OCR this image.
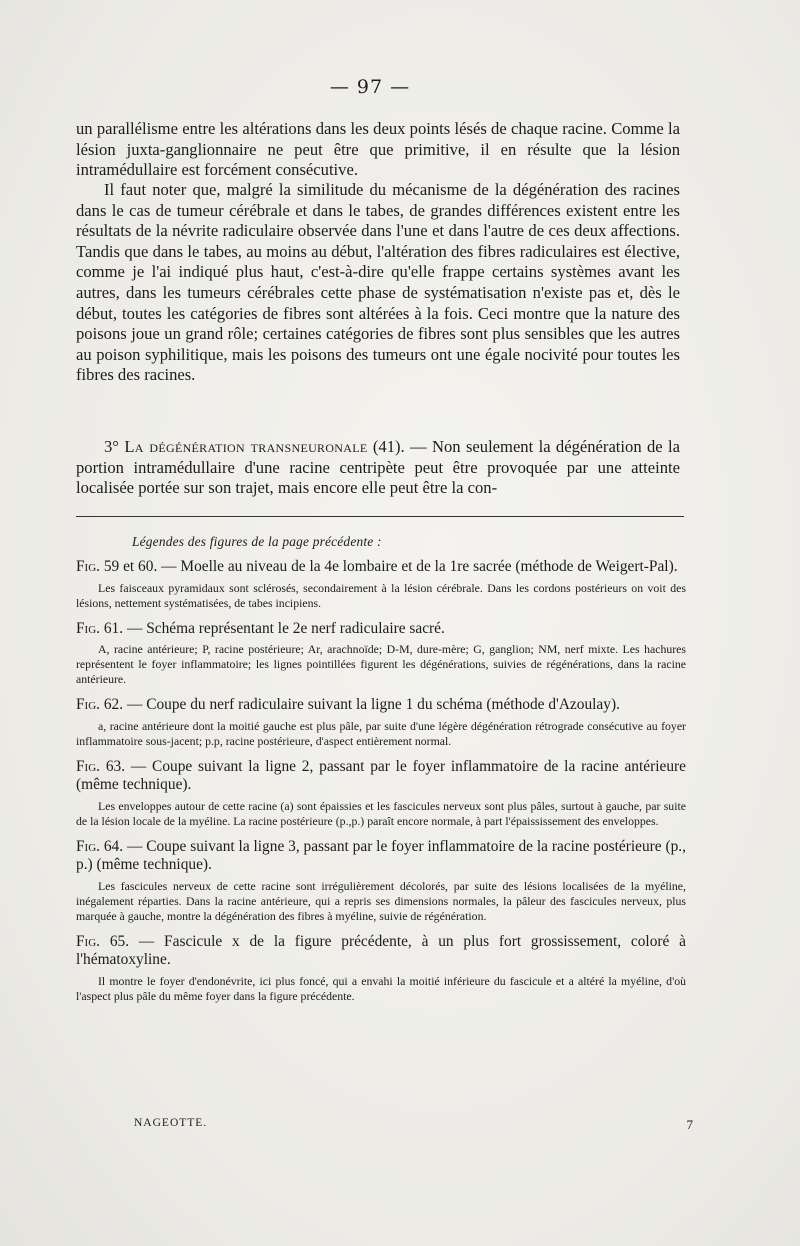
— 97 —

un parallélisme entre les altérations dans les deux points lésés de chaque racine. Comme la lésion juxta-ganglionnaire ne peut être que primitive, il en résulte que la lésion intramédullaire est forcément consécutive.

Il faut noter que, malgré la similitude du mécanisme de la dégénération des racines dans le cas de tumeur cérébrale et dans le tabes, de grandes différences existent entre les résultats de la névrite radiculaire observée dans l'une et dans l'autre de ces deux affections. Tandis que dans le tabes, au moins au début, l'altération des fibres radiculaires est élective, comme je l'ai indiqué plus haut, c'est-à-dire qu'elle frappe certains systèmes avant les autres, dans les tumeurs cérébrales cette phase de systématisation n'existe pas et, dès le début, toutes les catégories de fibres sont altérées à la fois. Ceci montre que la nature des poisons joue un grand rôle; certaines catégories de fibres sont plus sensibles que les autres au poison syphilitique, mais les poisons des tumeurs ont une égale nocivité pour toutes les fibres des racines.

3° La dégénération transneuronale (41). — Non seulement la dégénération de la portion intramédullaire d'une racine centripète peut être provoquée par une atteinte localisée portée sur son trajet, mais encore elle peut être la con-

Légendes des figures de la page précédente :
Fig. 59 et 60. — Moelle au niveau de la 4e lombaire et de la 1re sacrée (méthode de Weigert-Pal).
Les faisceaux pyramidaux sont sclérosés, secondairement à la lésion cérébrale. Dans les cordons postérieurs on voit des lésions, nettement systématisées, de tabes incipiens.
Fig. 61. — Schéma représentant le 2e nerf radiculaire sacré.
A, racine antérieure; P, racine postérieure; Ar, arachnoïde; D-M, dure-mère; G, ganglion; NM, nerf mixte. Les hachures représentent le foyer inflammatoire; les lignes pointillées figurent les dégénérations, suivies de régénérations, dans la racine antérieure.
Fig. 62. — Coupe du nerf radiculaire suivant la ligne 1 du schéma (méthode d'Azoulay).
a, racine antérieure dont la moitié gauche est plus pâle, par suite d'une légère dégénération rétrograde consécutive au foyer inflammatoire sous-jacent; p.p, racine postérieure, d'aspect entièrement normal.
Fig. 63. — Coupe suivant la ligne 2, passant par le foyer inflammatoire de la racine antérieure (même technique).
Les enveloppes autour de cette racine (a) sont épaissies et les fascicules nerveux sont plus pâles, surtout à gauche, par suite de la lésion locale de la myéline. La racine postérieure (p.,p.) paraît encore normale, à part l'épaississement des enveloppes.
Fig. 64. — Coupe suivant la ligne 3, passant par le foyer inflammatoire de la racine postérieure (p., p.) (même technique).
Les fascicules nerveux de cette racine sont irrégulièrement décolorés, par suite des lésions localisées de la myéline, inégalement réparties. Dans la racine antérieure, qui a repris ses dimensions normales, la pâleur des fascicules nerveux, plus marquée à gauche, montre la dégénération des fibres à myéline, suivie de régénération.
Fig. 65. — Fascicule x de la figure précédente, à un plus fort grossissement, coloré à l'hématoxyline.
Il montre le foyer d'endonévrite, ici plus foncé, qui a envahi la moitié inférieure du fascicule et a altéré la myéline, d'où l'aspect plus pâle du même foyer dans la figure précédente.
NAGEOTTE.	7
